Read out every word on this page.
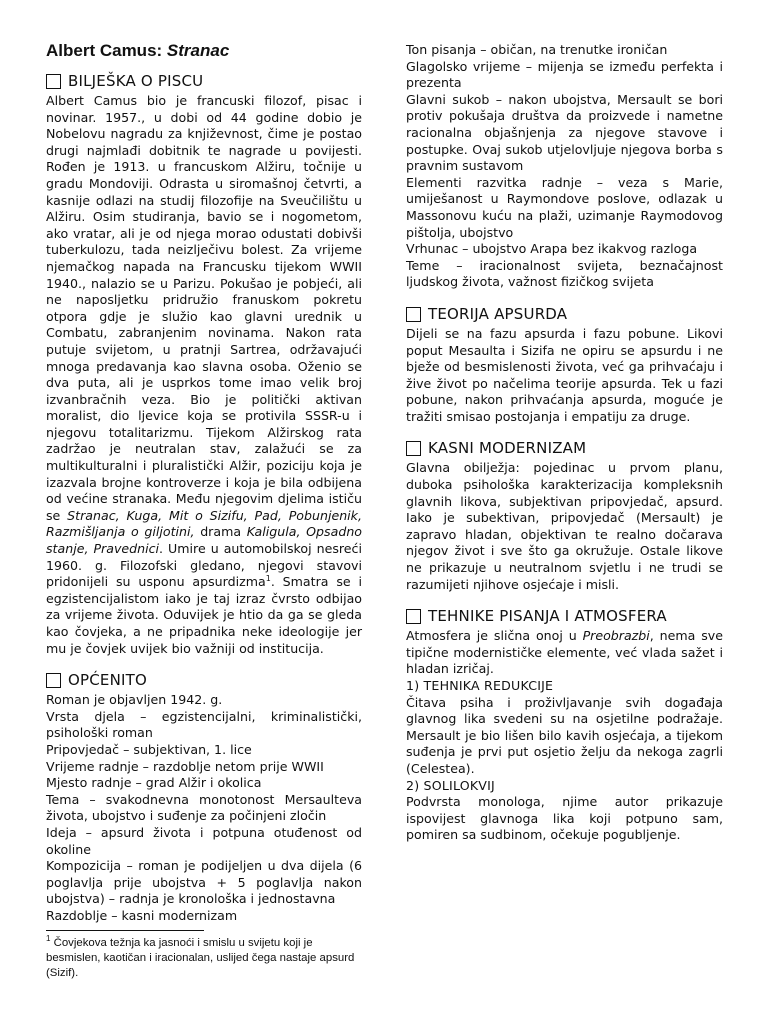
Albert Camus: Stranac
BILJEŠKA O PISCU

Albert Camus bio je francuski filozof, pisac i novinar. 1957., u dobi od 44 godine dobio je Nobelovu nagradu za književnost, čime je postao drugi najmlađi dobitnik te nagrade u povijesti. Rođen je 1913. u francuskom Alžiru, točnije u gradu Mondoviji. Odrasta u siromašnoj četvrti, a kasnije odlazi na studij filozofije na Sveučilištu u Alžiru. Osim studiranja, bavio se i nogometom, ako vratar, ali je od njega morao odustati dobivši tuberkulozu, tada neizlječivu bolest. Za vrijeme njemačkog napada na Francusku tijekom WWII 1940., nalazio se u Parizu. Pokušao je pobjeći, ali ne naposljetku pridružio franuskom pokretu otpora gdje je služio kao glavni urednik u Combatu, zabranjenim novinama. Nakon rata putuje svijetom, u pratnji Sartrea, održavajući mnoga predavanja kao slavna osoba. Oženio se dva puta, ali je usprkos tome imao velik broj izvanbračnih veza. Bio je politički aktivan moralist, dio ljevice koja se protivila SSSR-u i njegovu totalitarizmu. Tijekom Alžirskog rata zadržao je neutralan stav, zalažući se za multikulturalni i pluralistički Alžir, poziciju koja je izazvala brojne kontroverze i koja je bila odbijena od većine stranaka. Među njegovim djelima ističu se Stranac, Kuga, Mit o Sizifu, Pad, Pobunjenik, Razmišljanja o giljotini, drama Kaligula, Opsadno stanje, Pravednici. Umire u automobilskoj nesreći 1960. g. Filozofski gledano, njegovi stavovi pridonijeli su usponu apsurdizma$^1$. Smatra se i egzistencijalistom iako je taj izraz čvrsto odbijao za vrijeme života. Oduvijek je htio da ga se gleda kao čovjeka, a ne pripadnika neke ideologije jer mu je čovjek uvijek bio važniji od institucija.

OPĆENITO

Roman je objavljen 1942. g.

Vrsta djela – egzistencijalni, kriminalistički, psihološki roman

Pripovjedač – subjektivan, 1. lice

Vrijeme radnje – razdoblje netom prije WWII

Mjesto radnje – grad Alžir i okolica

Tema – svakodnevna monotonost Mersaulteva života, ubojstvo i suđenje za počinjeni zločin

Ideja – apsurd života i potpuna otuđenost od okoline

Kompozicija – roman je podijeljen u dva dijela (6 poglavlja prije ubojstva + 5 poglavlja nakon ubojstva) – radnja je kronološka i jednostavna

Razdoblje – kasni modernizam

$^1$ Čovjekova težnja ka jasnoći i smislu u svijetu koji je besmislen, kaotičan i iracionalan, uslijed čega nastaje apsurd (Sizif).

Ton pisanja – običan, na trenutke ironičan

Glagolsko vrijeme – mijenja se između perfekta i prezenta

Glavni sukob – nakon ubojstva, Mersault se bori protiv pokušaja društva da proizvede i nametne racionalna objašnjenja za njegove stavove i postupke. Ovaj sukob utjelovljuje njegova borba s pravnim sustavom

Elementi razvitka radnje – veza s Marie, umiješanost u Raymondove poslove, odlazak u Massonovu kuću na plaži, uzimanje Raymodovog pištolja, ubojstvo

Vrhunac – ubojstvo Arapa bez ikakvog razloga

Teme – iracionalnost svijeta, beznačajnost ljudskog života, važnost fizičkog svijeta

TEORIJA APSURDA

Dijeli se na fazu apsurda i fazu pobune. Likovi poput Mesaulta i Sizifa ne opiru se apsurdu i ne bježe od besmislenosti života, već ga prihvaćaju i žive život po načelima teorije apsurda. Tek u fazi pobune, nakon prihvaćanja apsurda, moguće je tražiti smisao postojanja i empatiju za druge.

KASNI MODERNIZAM

Glavna obilježja: pojedinac u prvom planu, duboka psihološka karakterizacija kompleksnih glavnih likova, subjektivan pripovjedač, apsurd. Iako je subektivan, pripovjedač (Mersault) je zapravo hladan, objektivan te realno dočarava njegov život i sve što ga okružuje. Ostale likove ne prikazuje u neutralnom svjetlu i ne trudi se razumijeti njihove osjećaje i misli.

TEHNIKE PISANJA I ATMOSFERA

Atmosfera je slična onoj u Preobrazbi, nema sve tipične modernističke elemente, već vlada sažet i hladan izričaj.

1) TEHNIKA REDUKCIJE

Čitava psiha i proživljavanje svih događaja glavnog lika svedeni su na osjetilne podražaje. Mersault je bio lišen bilo kavih osjećaja, a tijekom suđenja je prvi put osjetio želju da nekoga zagrli (Celestea).

2) SOLILOKVIJ

Podvrsta monologa, njime autor prikazuje ispovijest glavnoga lika koji potpuno sam, pomiren sa sudbinom, očekuje pogubljenje.
